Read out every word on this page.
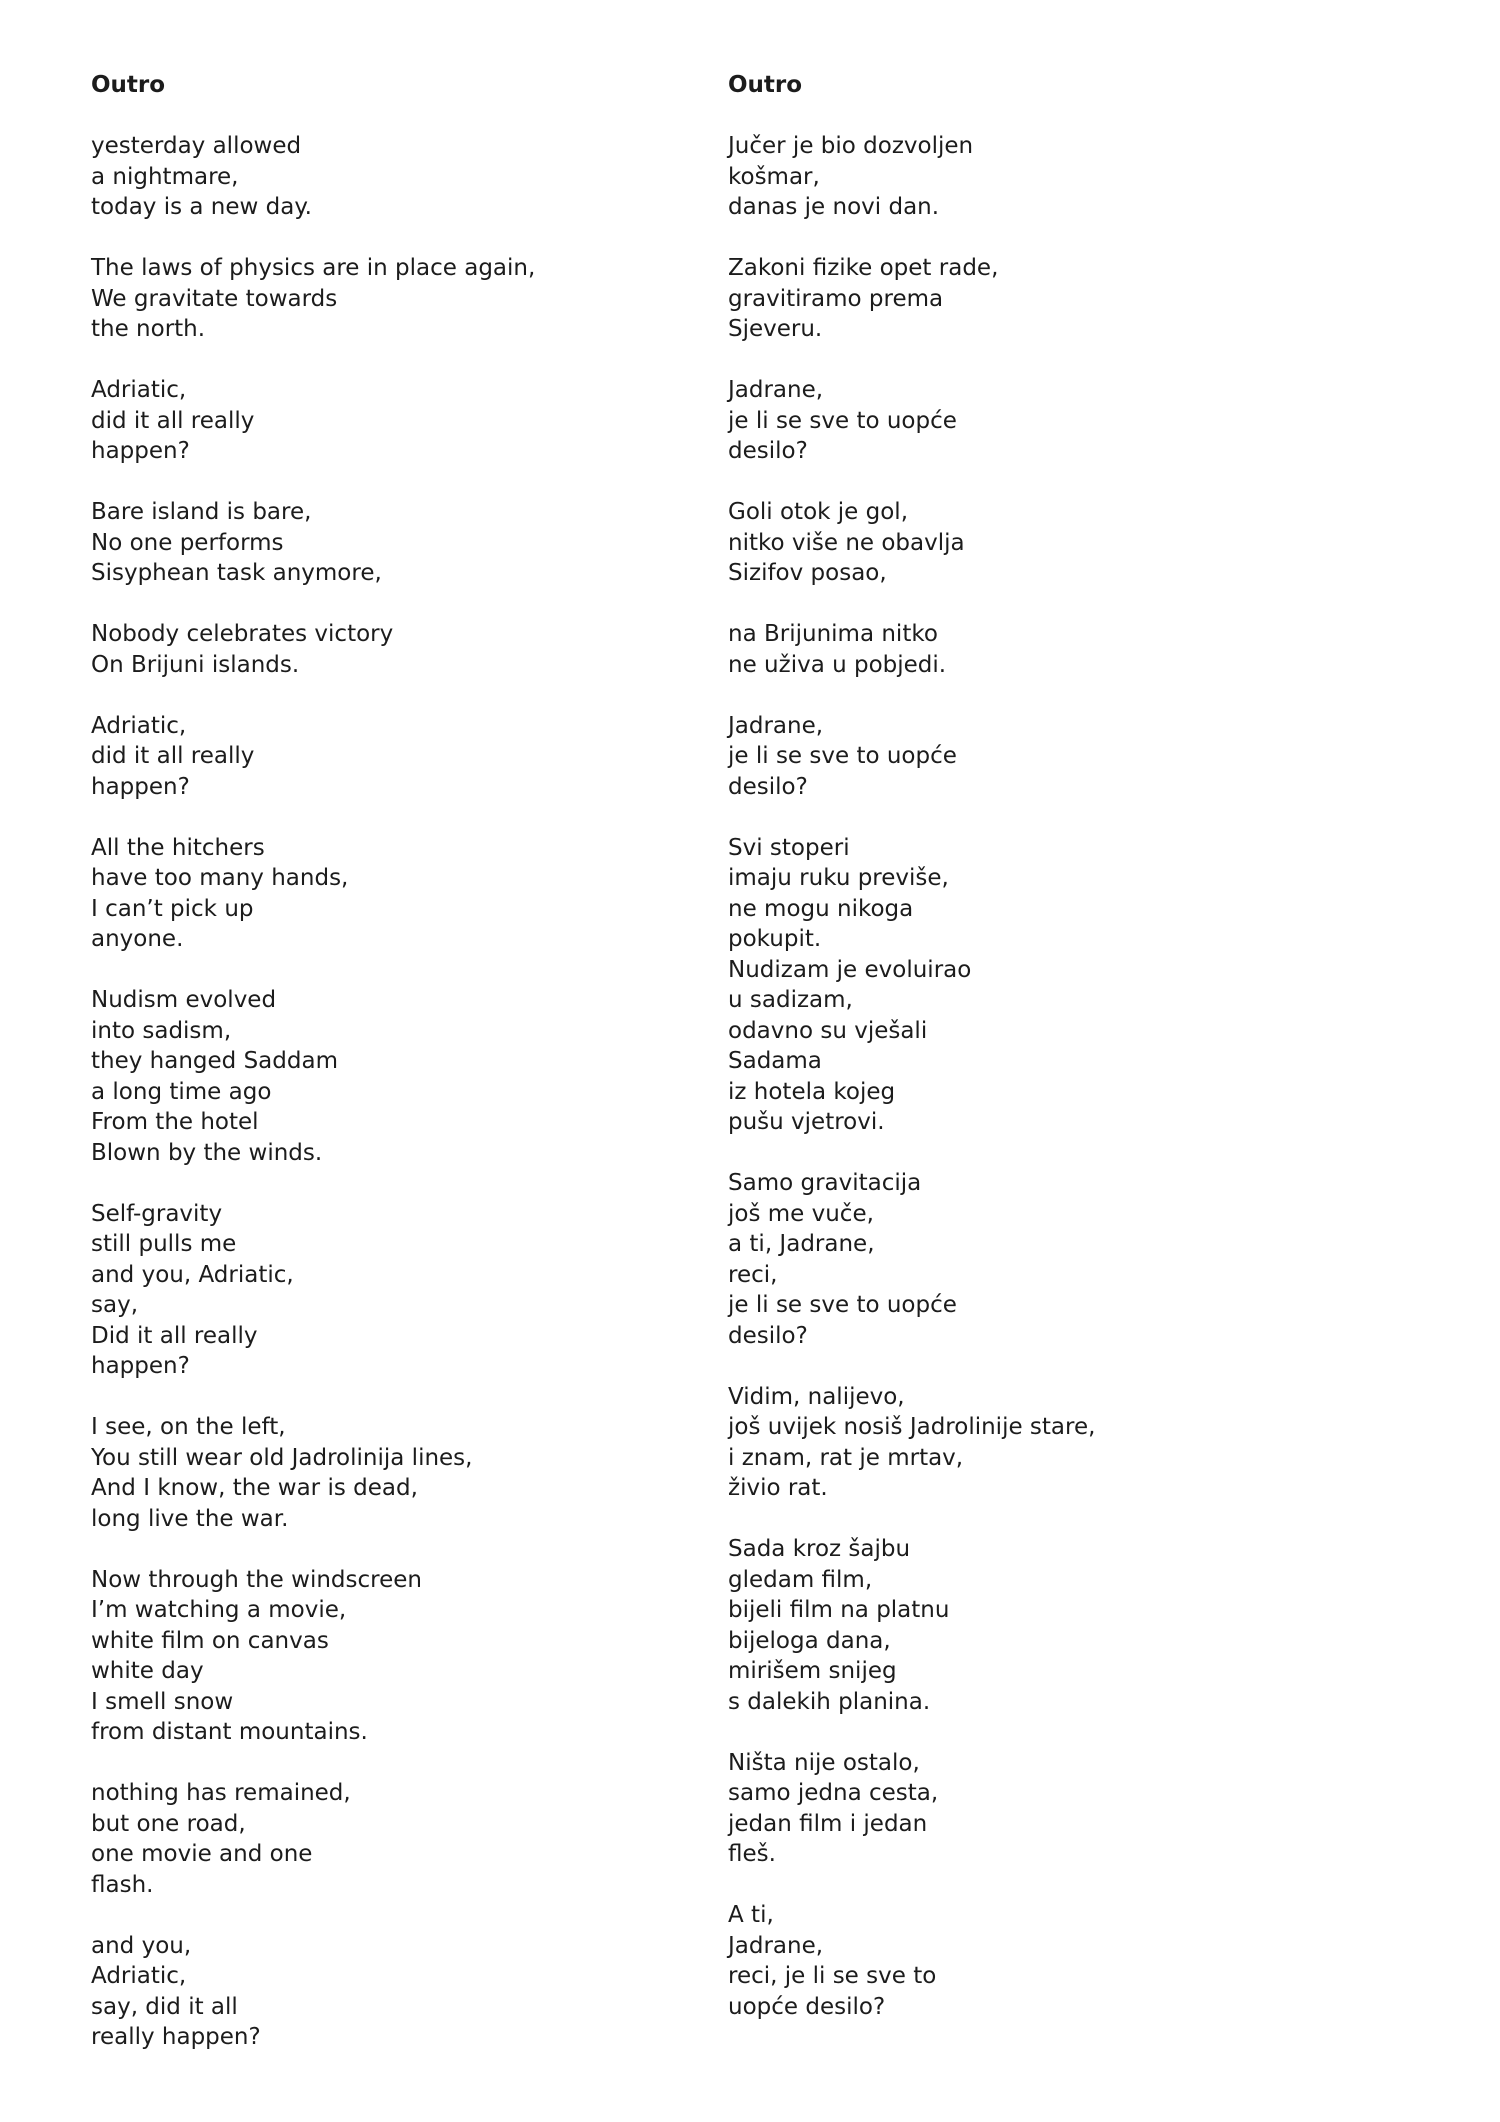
Outro
yesterday allowed
a nightmare,
today is a new day.
The laws of physics are in place again,
We gravitate towards
the north.
Adriatic,
did it all really
happen?
Bare island is bare,
No one performs
Sisyphean task anymore,
Nobody celebrates victory
On Brijuni islands.
Adriatic,
did it all really
happen?
All the hitchers
have too many hands,
I can’t pick up
anyone.
Nudism evolved
into sadism,
they hanged Saddam
a long time ago
From the hotel
Blown by the winds.
Self-gravity
still pulls me
and you, Adriatic,
say,
Did it all really
happen?
I see, on the left,
You still wear old Jadrolinija lines,
And I know, the war is dead,
long live the war.
Now through the windscreen
I’m watching a movie,
white film on canvas
white day
I smell snow
from distant mountains.
nothing has remained,
but one road,
one movie and one
flash.
and you,
Adriatic,
say, did it all
really happen?
Outro
Jučer je bio dozvoljen
košmar,
danas je novi dan.
Zakoni fizike opet rade,
gravitiramo prema
Sjeveru.
Jadrane,
je li se sve to uopće
desilo?
Goli otok je gol,
nitko više ne obavlja
Sizifov posao,
na Brijunima nitko
ne uživa u pobjedi.
Jadrane,
je li se sve to uopće
desilo?
Svi stoperi
imaju ruku previše,
ne mogu nikoga
pokupit.
Nudizam je evoluirao
u sadizam,
odavno su vješali
Sadama
iz hotela kojeg
pušu vjetrovi.
Samo gravitacija
još me vuče,
a ti, Jadrane,
reci,
je li se sve to uopće
desilo?
Vidim, nalijevo,
još uvijek nosiš Jadrolinije stare,
i znam, rat je mrtav,
živio rat.
Sada kroz šajbu
gledam film,
bijeli film na platnu
bijeloga dana,
mirišem snijeg
s dalekih planina.
Ništa nije ostalo,
samo jedna cesta,
jedan film i jedan
fleš.
A ti,
Jadrane,
reci, je li se sve to
uopće desilo?
